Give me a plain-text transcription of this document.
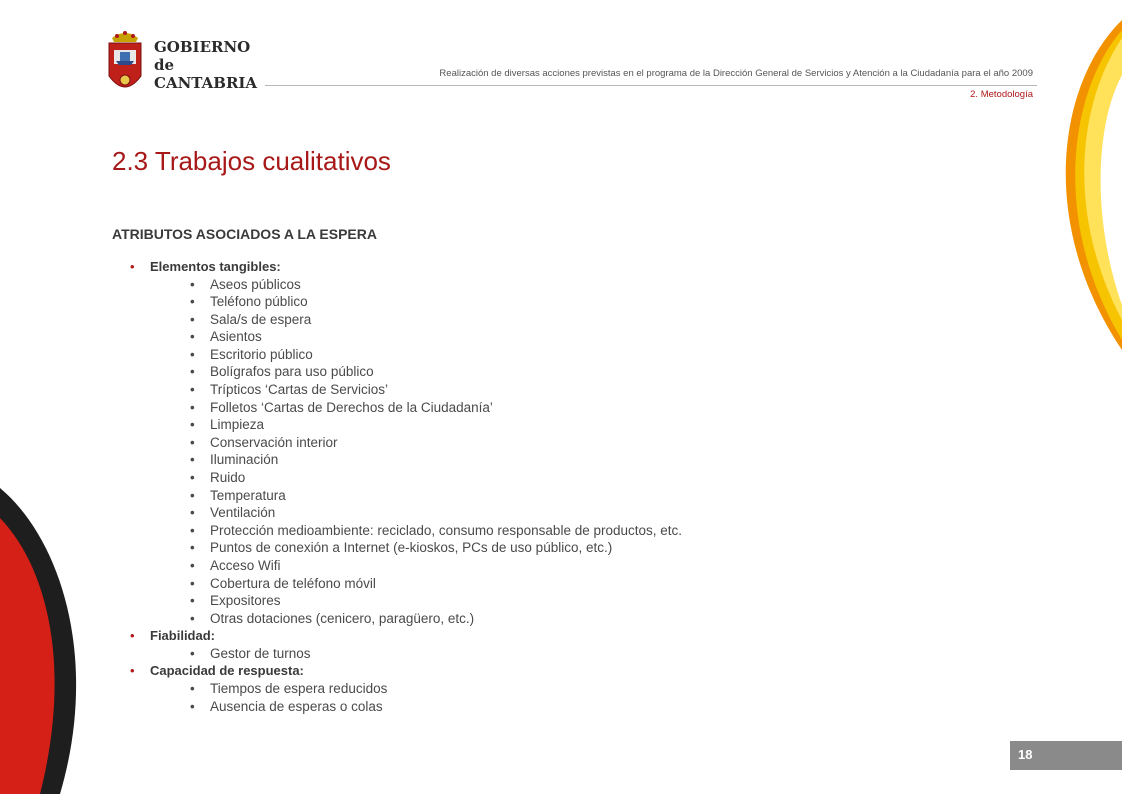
GOBIERNO
de
CANTABRIA
Realización de diversas acciones previstas en el programa de la Dirección General de Servicios y Atención a la Ciudadanía para el año 2009
2. Metodología
2.3 Trabajos cualitativos
ATRIBUTOS ASOCIADOS A LA ESPERA
• Elementos tangibles:
• Aseos públicos
• Teléfono público
• Sala/s de espera
• Asientos
• Escritorio público
• Bolígrafos para uso público
• Trípticos ‘Cartas de Servicios’
• Folletos ‘Cartas de Derechos de la Ciudadanía’
• Limpieza
• Conservación interior
• Iluminación
• Ruido
• Temperatura
• Ventilación
• Protección medioambiente: reciclado, consumo responsable de productos, etc.
• Puntos de conexión a Internet (e-kioskos, PCs de uso público, etc.)
• Acceso Wifi
• Cobertura de teléfono móvil
• Expositores
• Otras dotaciones (cenicero, paragüero, etc.)
• Fiabilidad:
• Gestor de turnos
• Capacidad de respuesta:
• Tiempos de espera reducidos
• Ausencia de esperas o colas
18
